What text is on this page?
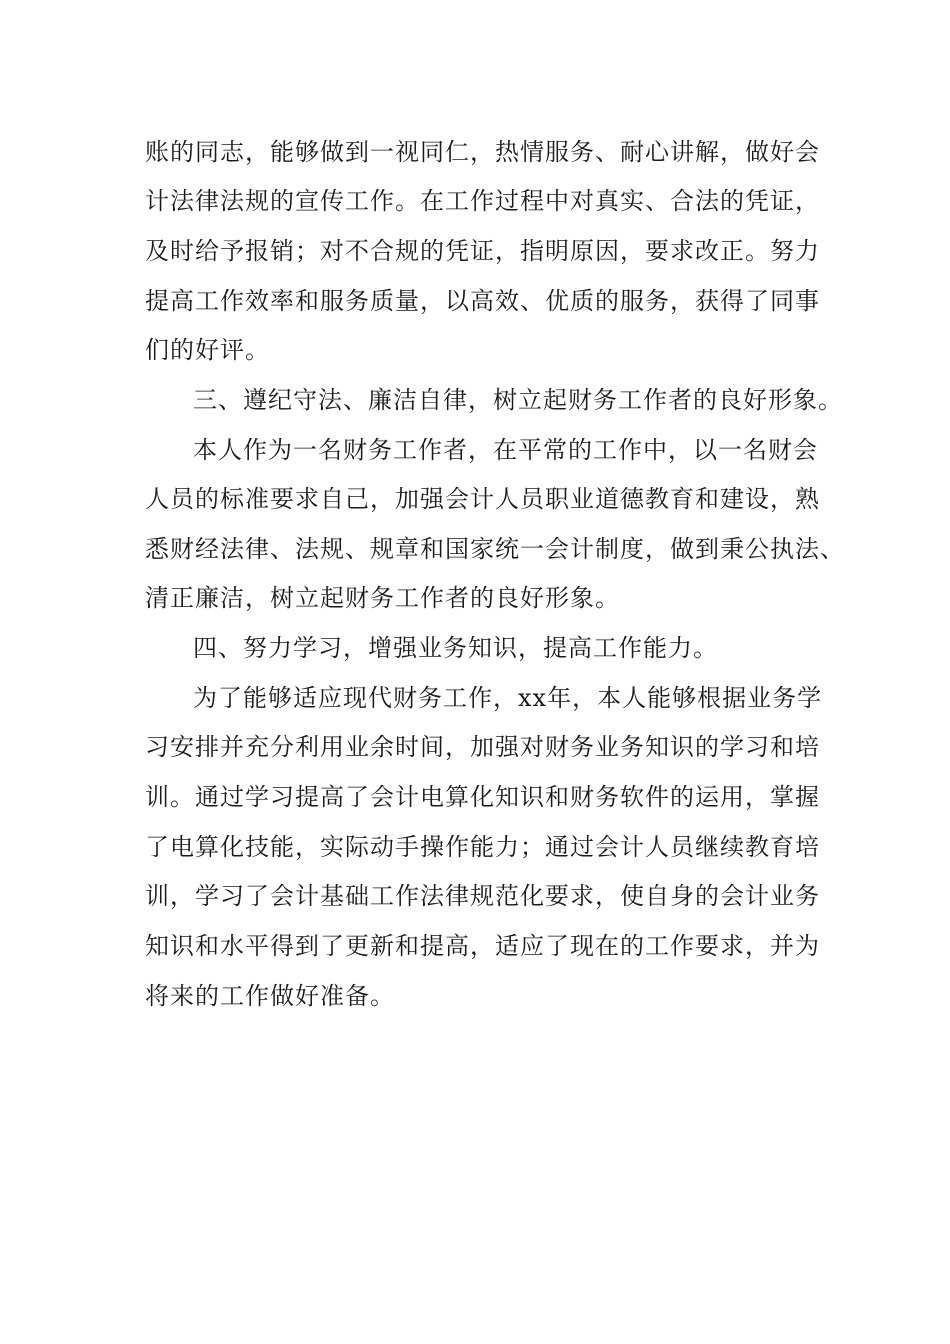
账的同志，能够做到一视同仁，热情服务、耐心讲解，做好会
计法律法规的宣传工作。在工作过程中对真实、合法的凭证，
及时给予报销；对不合规的凭证，指明原因，要求改正。努力
提高工作效率和服务质量，以高效、优质的服务，获得了同事
们的好评。
三、遵纪守法、廉洁自律，树立起财务工作者的良好形象。
本人作为一名财务工作者，在平常的工作中，以一名财会
人员的标准要求自己，加强会计人员职业道德教育和建设，熟
悉财经法律、法规、规章和国家统一会计制度，做到秉公执法、
清正廉洁，树立起财务工作者的良好形象。
四、努力学习，增强业务知识，提高工作能力。
为了能够适应现代财务工作，xx年，本人能够根据业务学
习安排并充分利用业余时间，加强对财务业务知识的学习和培
训。通过学习提高了会计电算化知识和财务软件的运用，掌握
了电算化技能，实际动手操作能力；通过会计人员继续教育培
训，学习了会计基础工作法律规范化要求，使自身的会计业务
知识和水平得到了更新和提高，适应了现在的工作要求，并为
将来的工作做好准备。
